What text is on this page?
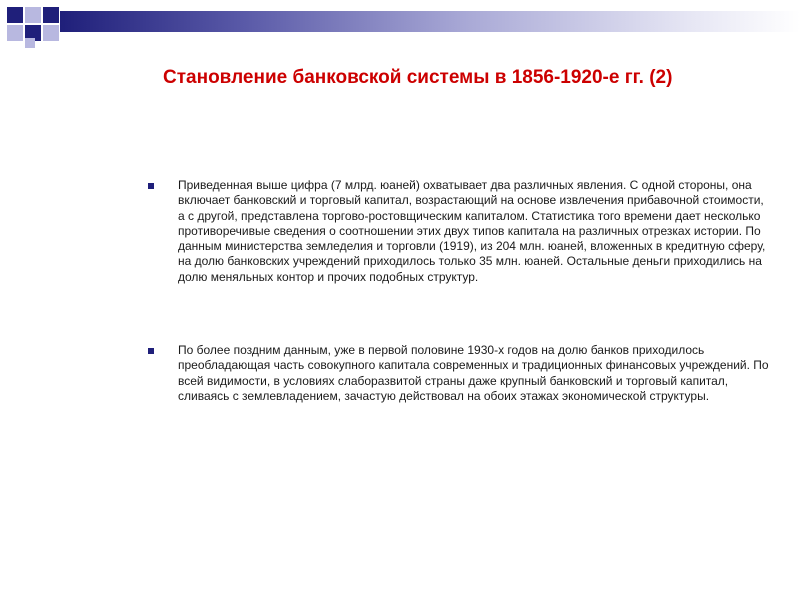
Становление банковской системы в 1856-1920-е гг. (2)
Приведенная выше цифра (7 млрд. юаней) охватывает два различных явления. С одной стороны, она включает банковский и торговый капитал, возрастающий на основе извлечения прибавочной стоимости, а с другой, представлена торгово-ростовщическим капиталом. Статистика того времени дает несколько противоречивые сведения о соотношении этих двух типов капитала на различных отрезках истории. По данным министерства земледелия и торговли (1919), из 204 млн. юаней, вложенных в кредитную сферу, на долю банковских учреждений приходилось только 35 млн. юаней. Остальные деньги приходились на долю меняльных контор и прочих подобных структур.
По более поздним данным, уже в первой половине 1930-х годов на долю банков приходилось преобладающая часть совокупного капитала современных и традиционных финансовых учреждений. По всей видимости, в условиях слаборазвитой страны даже крупный банковский и торговый капитал, сливаясь с землевладением, зачастую действовал на обоих этажах экономической структуры.
